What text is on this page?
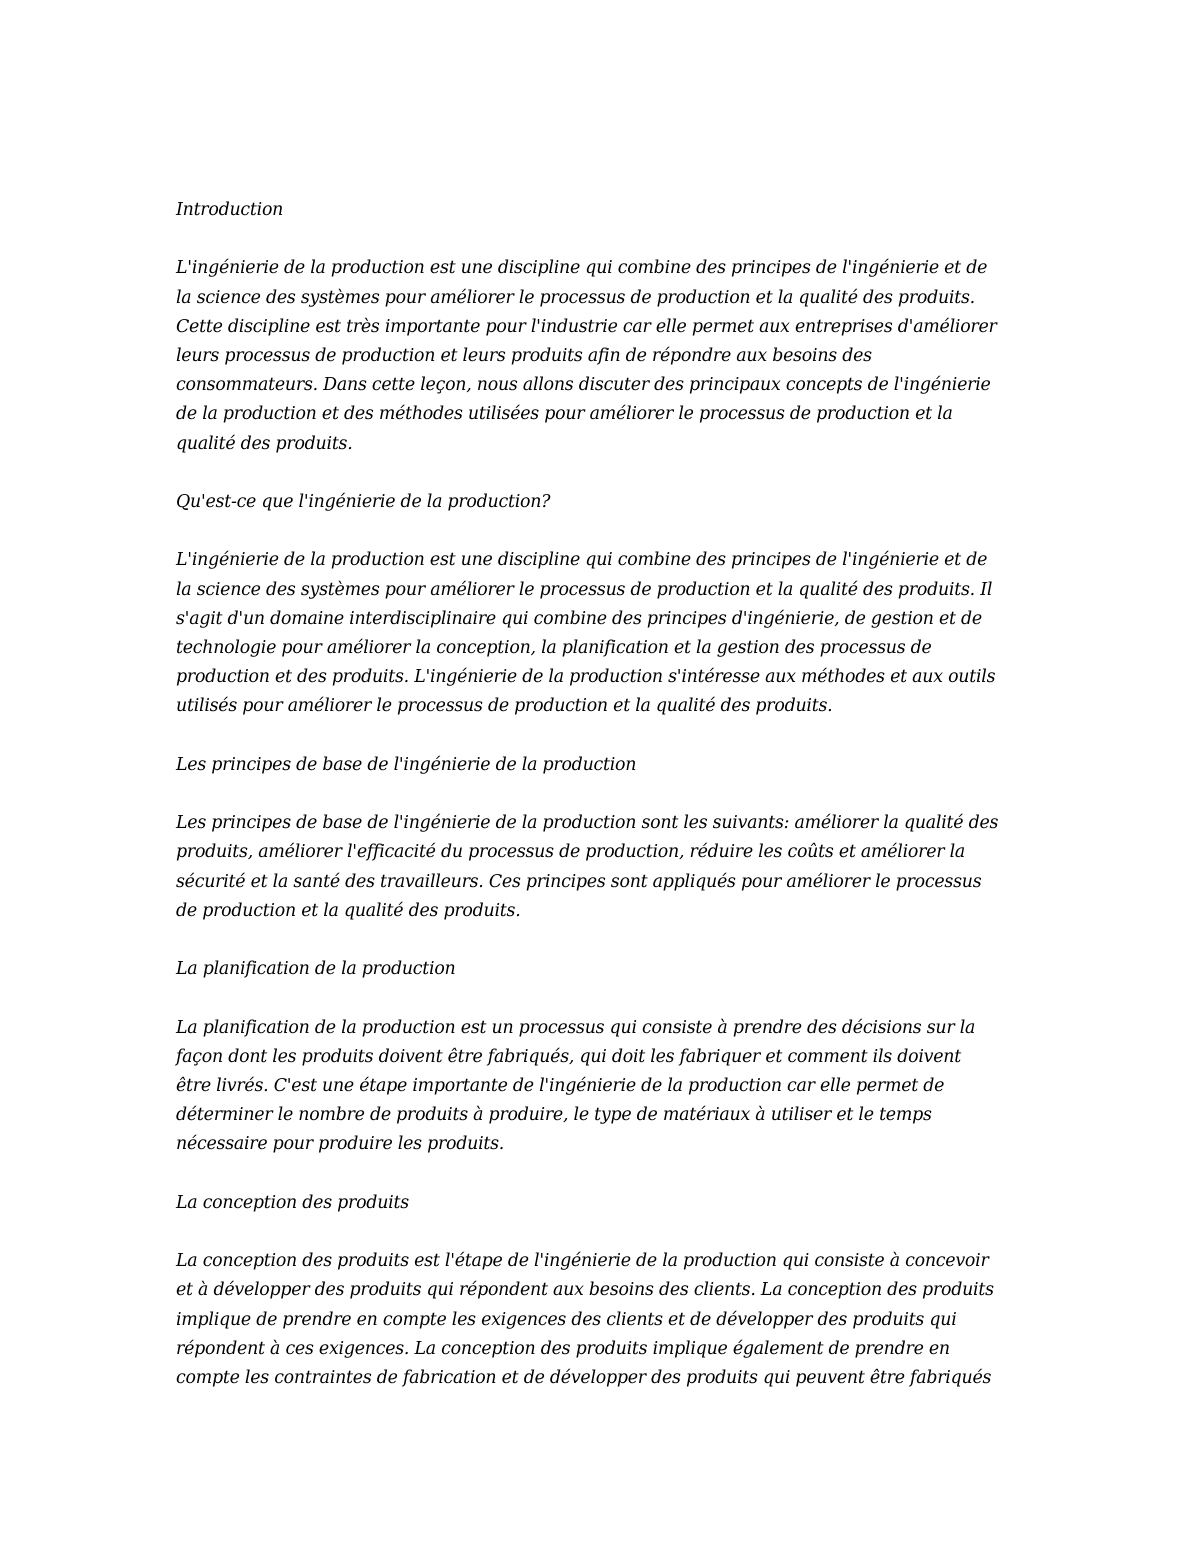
Introduction
L'ingénierie de la production est une discipline qui combine des principes de l'ingénierie et de
la science des systèmes pour améliorer le processus de production et la qualité des produits.
Cette discipline est très importante pour l'industrie car elle permet aux entreprises d'améliorer
leurs processus de production et leurs produits afin de répondre aux besoins des
consommateurs. Dans cette leçon, nous allons discuter des principaux concepts de l'ingénierie
de la production et des méthodes utilisées pour améliorer le processus de production et la
qualité des produits.
Qu'est-ce que l'ingénierie de la production?
L'ingénierie de la production est une discipline qui combine des principes de l'ingénierie et de
la science des systèmes pour améliorer le processus de production et la qualité des produits. Il
s'agit d'un domaine interdisciplinaire qui combine des principes d'ingénierie, de gestion et de
technologie pour améliorer la conception, la planification et la gestion des processus de
production et des produits. L'ingénierie de la production s'intéresse aux méthodes et aux outils
utilisés pour améliorer le processus de production et la qualité des produits.
Les principes de base de l'ingénierie de la production
Les principes de base de l'ingénierie de la production sont les suivants: améliorer la qualité des
produits, améliorer l'efficacité du processus de production, réduire les coûts et améliorer la
sécurité et la santé des travailleurs. Ces principes sont appliqués pour améliorer le processus
de production et la qualité des produits.
La planification de la production
La planification de la production est un processus qui consiste à prendre des décisions sur la
façon dont les produits doivent être fabriqués, qui doit les fabriquer et comment ils doivent
être livrés. C'est une étape importante de l'ingénierie de la production car elle permet de
déterminer le nombre de produits à produire, le type de matériaux à utiliser et le temps
nécessaire pour produire les produits.
La conception des produits
La conception des produits est l'étape de l'ingénierie de la production qui consiste à concevoir
et à développer des produits qui répondent aux besoins des clients. La conception des produits
implique de prendre en compte les exigences des clients et de développer des produits qui
répondent à ces exigences. La conception des produits implique également de prendre en
compte les contraintes de fabrication et de développer des produits qui peuvent être fabriqués
